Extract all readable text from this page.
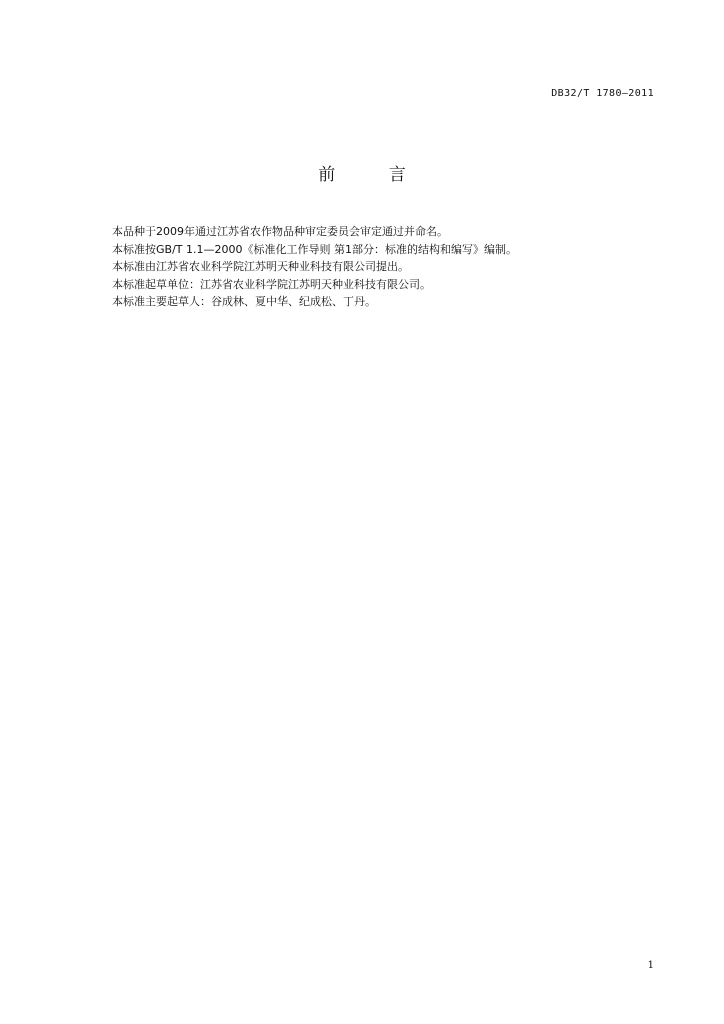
DB32/T 1780—2011
前 言

本品种于2009年通过江苏省农作物品种审定委员会审定通过并命名。

本标准按GB/T 1.1—2000《标准化工作导则 第1部分：标准的结构和编写》编制。

本标准由江苏省农业科学院江苏明天种业科技有限公司提出。

本标准起草单位：江苏省农业科学院江苏明天种业科技有限公司。

本标准主要起草人：谷成林、夏中华、纪成松、丁丹。

1
